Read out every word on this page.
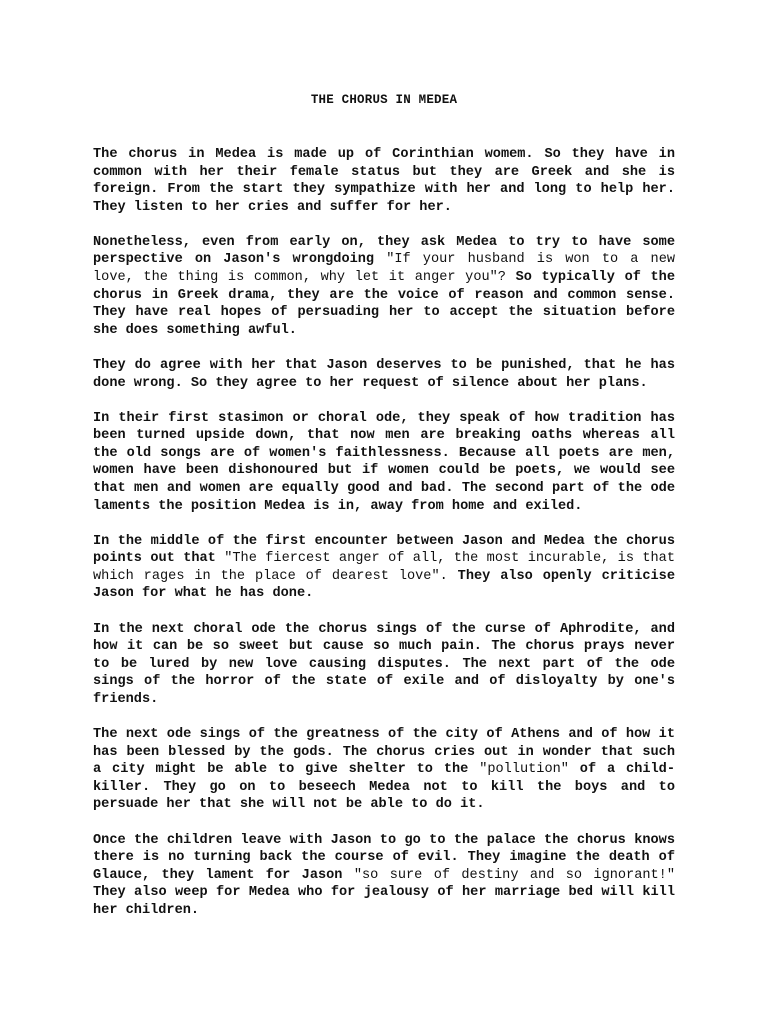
THE CHORUS IN MEDEA

The chorus in Medea is made up of Corinthian womem. So they have in common with her their female status but they are Greek and she is foreign. From the start they sympathize with her and long to help her. They listen to her cries and suffer for her.

Nonetheless, even from early on, they ask Medea to try to have some perspective on Jason's wrongdoing "If your husband is won to a new love, the thing is common, why let it anger you"? So typically of the chorus in Greek drama, they are the voice of reason and common sense. They have real hopes of persuading her to accept the situation before she does something awful.

They do agree with her that Jason deserves to be punished, that he has done wrong. So they agree to her request of silence about her plans.

In their first stasimon or choral ode, they speak of how tradition has been turned upside down, that now men are breaking oaths whereas all the old songs are of women's faithlessness. Because all poets are men, women have been dishonoured but if women could be poets, we would see that men and women are equally good and bad. The second part of the ode laments the position Medea is in, away from home and exiled.

In the middle of the first encounter between Jason and Medea the chorus points out that "The fiercest anger of all, the most incurable, is that which rages in the place of dearest love". They also openly criticise Jason for what he has done.

In the next choral ode the chorus sings of the curse of Aphrodite, and how it can be so sweet but cause so much pain. The chorus prays never to be lured by new love causing disputes. The next part of the ode sings of the horror of the state of exile and of disloyalty by one's friends.

The next ode sings of the greatness of the city of Athens and of how it has been blessed by the gods. The chorus cries out in wonder that such a city might be able to give shelter to the "pollution" of a child-killer. They go on to beseech Medea not to kill the boys and to persuade her that she will not be able to do it.

Once the children leave with Jason to go to the palace the chorus knows there is no turning back the course of evil. They imagine the death of Glauce, they lament for Jason "so sure of destiny and so ignorant!" They also weep for Medea who for jealousy of her marriage bed will kill her children.
